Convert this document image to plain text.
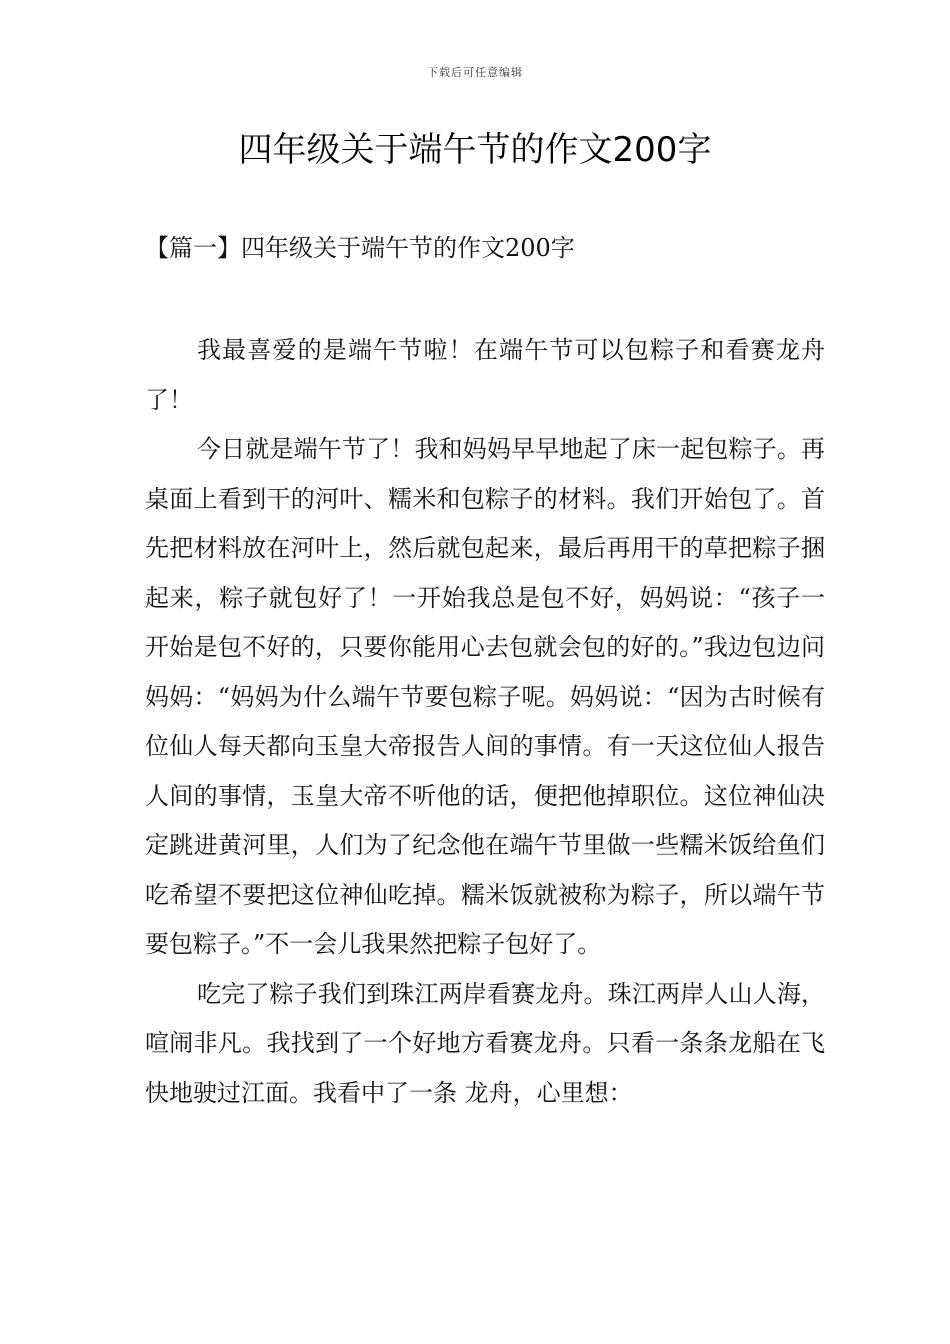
下载后可任意编辑
四年级关于端午节的作文200字
【篇一】四年级关于端午节的作文200字

我最喜爱的是端午节啦！在端午节可以包粽子和看赛龙舟了！

今日就是端午节了！我和妈妈早早地起了床一起包粽子。再桌面上看到干的河叶、糯米和包粽子的材料。我们开始包了。首先把材料放在河叶上，然后就包起来，最后再用干的草把粽子捆起来，粽子就包好了！一开始我总是包不好，妈妈说：“孩子一开始是包不好的，只要你能用心去包就会包的好的。”我边包边问妈妈：“妈妈为什么端午节要包粽子呢。妈妈说：“因为古时候有位仙人每天都向玉皇大帝报告人间的事情。有一天这位仙人报告人间的事情，玉皇大帝不听他的话，便把他掉职位。这位神仙决定跳进黄河里，人们为了纪念他在端午节里做一些糯米饭给鱼们吃希望不要把这位神仙吃掉。糯米饭就被称为粽子，所以端午节要包粽子。”不一会儿我果然把粽子包好了。

吃完了粽子我们到珠江两岸看赛龙舟。珠江两岸人山人海，喧闹非凡。我找到了一个好地方看赛龙舟。只看一条条龙船在飞快地驶过江面。我看中了一条 龙舟，心里想：
